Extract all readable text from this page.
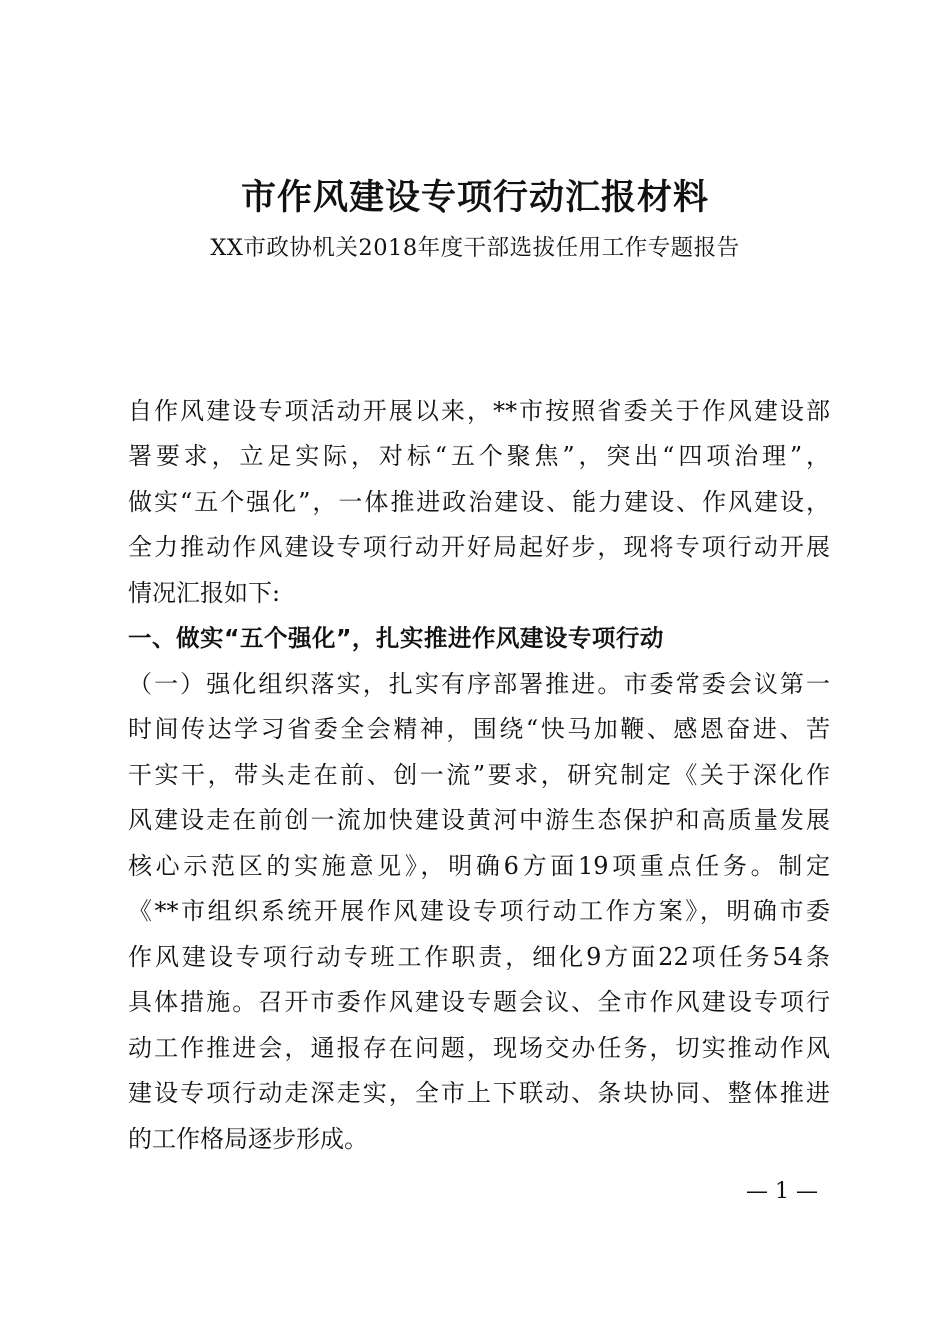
市作风建设专项行动汇报材料
XX市政协机关2018年度干部选拔任用工作专题报告
自作风建设专项活动开展以来，**市按照省委关于作风建设部
署要求，立足实际，对标“五个聚焦”，突出“四项治理”，
做实“五个强化”，一体推进政治建设、能力建设、作风建设，
全力推动作风建设专项行动开好局起好步，现将专项行动开展
情况汇报如下:
一、做实“五个强化”，扎实推进作风建设专项行动
（一）强化组织落实，扎实有序部署推进。市委常委会议第一
时间传达学习省委全会精神，围绕“快马加鞭、感恩奋进、苦
干实干，带头走在前、创一流”要求，研究制定《关于深化作
风建设走在前创一流加快建设黄河中游生态保护和高质量发展
核心示范区的实施意见》，明确6方面19项重点任务。制定
《**市组织系统开展作风建设专项行动工作方案》，明确市委
作风建设专项行动专班工作职责，细化9方面22项任务54条
具体措施。召开市委作风建设专题会议、全市作风建设专项行
动工作推进会，通报存在问题，现场交办任务，切实推动作风
建设专项行动走深走实，全市上下联动、条块协同、整体推进
的工作格局逐步形成。
— 1 —
